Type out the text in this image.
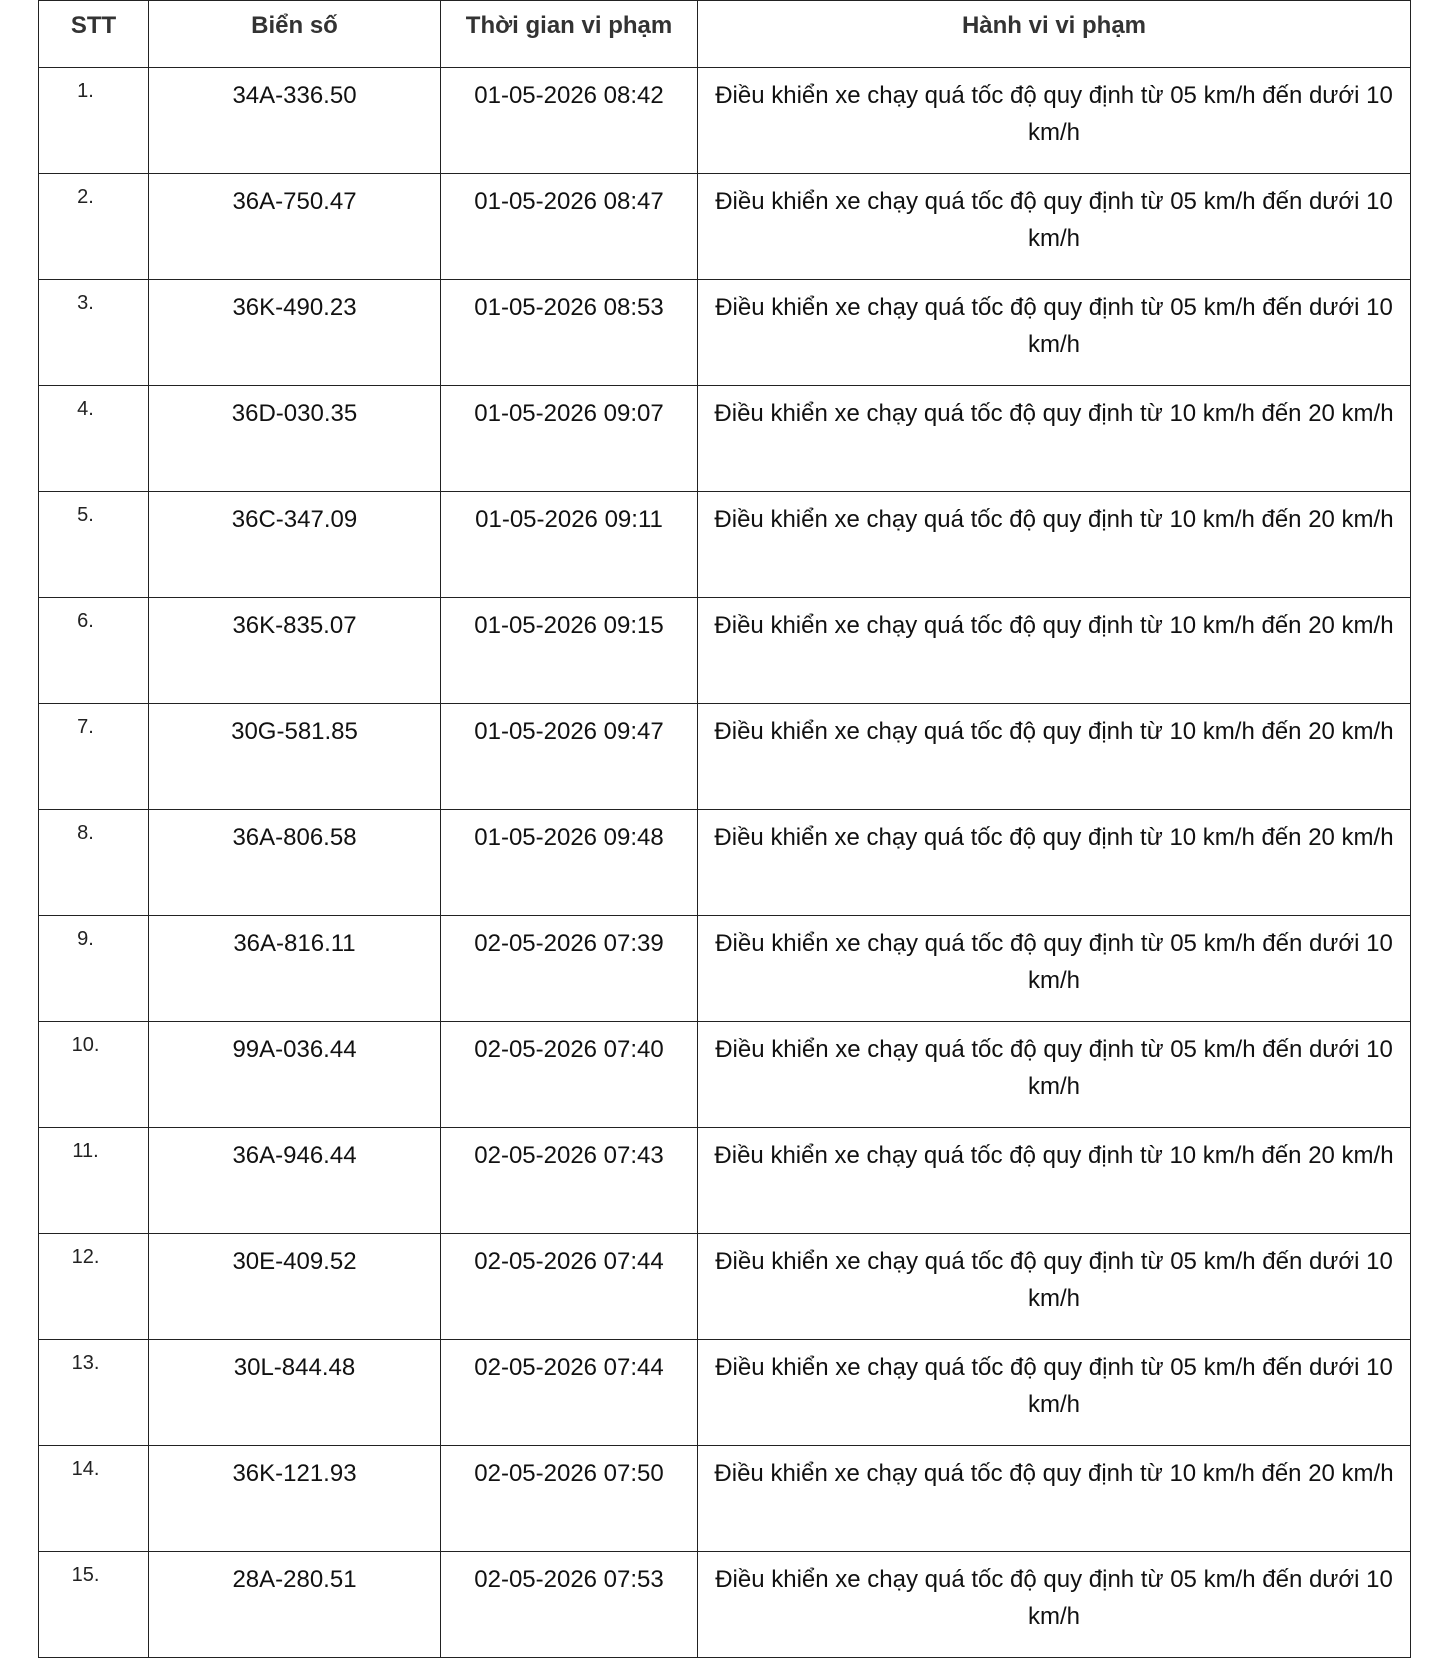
STT	Biển số	Thời gian vi phạm	Hành vi vi phạm
1.	34A-336.50	01-05-2026 08:42	Điều khiển xe chạy quá tốc độ quy định từ 05 km/h đến dưới 10 km/h
2.	36A-750.47	01-05-2026 08:47	Điều khiển xe chạy quá tốc độ quy định từ 05 km/h đến dưới 10 km/h
3.	36K-490.23	01-05-2026 08:53	Điều khiển xe chạy quá tốc độ quy định từ 05 km/h đến dưới 10 km/h
4.	36D-030.35	01-05-2026 09:07	Điều khiển xe chạy quá tốc độ quy định từ 10 km/h đến 20 km/h
5.	36C-347.09	01-05-2026 09:11	Điều khiển xe chạy quá tốc độ quy định từ 10 km/h đến 20 km/h
6.	36K-835.07	01-05-2026 09:15	Điều khiển xe chạy quá tốc độ quy định từ 10 km/h đến 20 km/h
7.	30G-581.85	01-05-2026 09:47	Điều khiển xe chạy quá tốc độ quy định từ 10 km/h đến 20 km/h
8.	36A-806.58	01-05-2026 09:48	Điều khiển xe chạy quá tốc độ quy định từ 10 km/h đến 20 km/h
9.	36A-816.11	02-05-2026 07:39	Điều khiển xe chạy quá tốc độ quy định từ 05 km/h đến dưới 10 km/h
10.	99A-036.44	02-05-2026 07:40	Điều khiển xe chạy quá tốc độ quy định từ 05 km/h đến dưới 10 km/h
11.	36A-946.44	02-05-2026 07:43	Điều khiển xe chạy quá tốc độ quy định từ 10 km/h đến 20 km/h
12.	30E-409.52	02-05-2026 07:44	Điều khiển xe chạy quá tốc độ quy định từ 05 km/h đến dưới 10 km/h
13.	30L-844.48	02-05-2026 07:44	Điều khiển xe chạy quá tốc độ quy định từ 05 km/h đến dưới 10 km/h
14.	36K-121.93	02-05-2026 07:50	Điều khiển xe chạy quá tốc độ quy định từ 10 km/h đến 20 km/h
15.	28A-280.51	02-05-2026 07:53	Điều khiển xe chạy quá tốc độ quy định từ 05 km/h đến dưới 10 km/h
